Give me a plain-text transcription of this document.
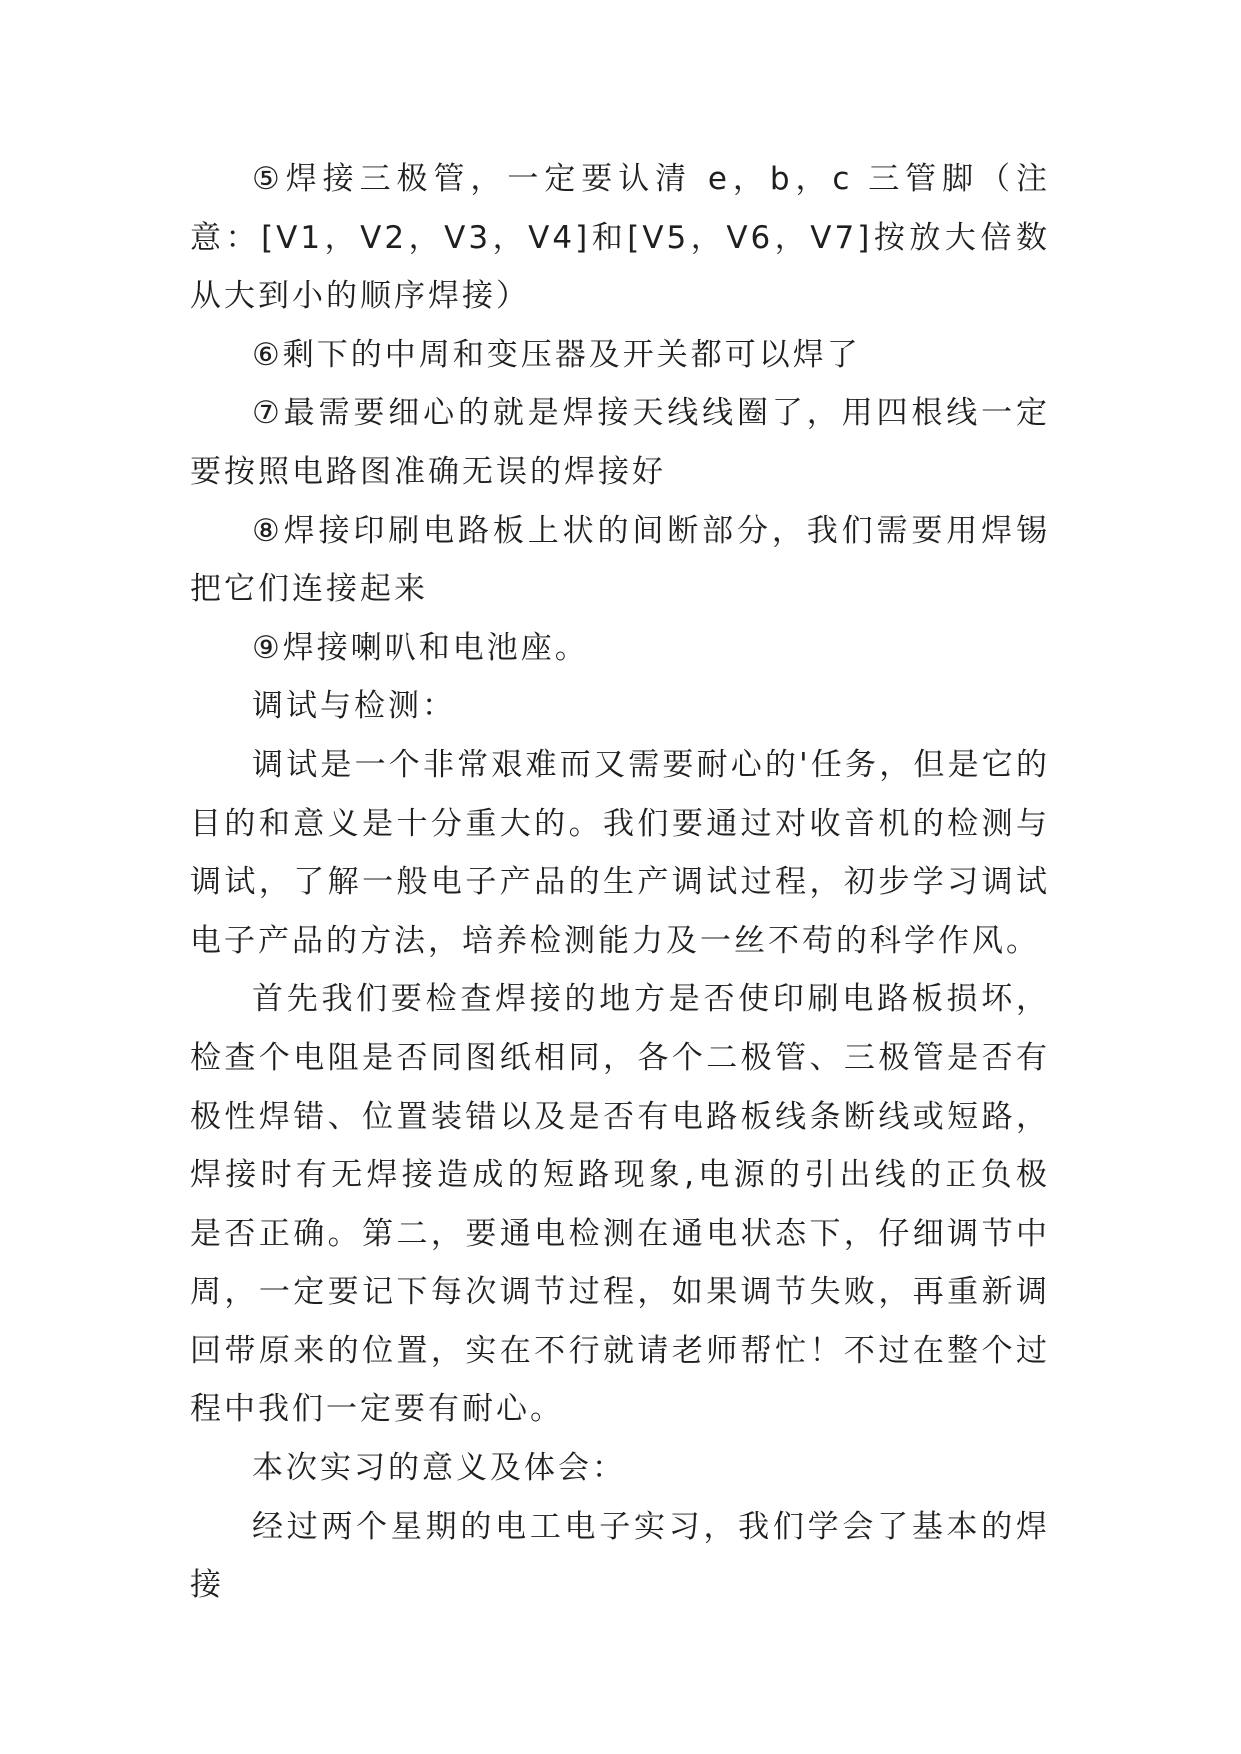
⑤焊接三极管，一定要认清 e，b，c 三管脚（注意：[V1，V2，V3，V4]和[V5，V6，V7]按放大倍数从大到小的顺序焊接）

⑥剩下的中周和变压器及开关都可以焊了

⑦最需要细心的就是焊接天线线圈了，用四根线一定要按照电路图准确无误的焊接好

⑧焊接印刷电路板上状的间断部分，我们需要用焊锡把它们连接起来

⑨焊接喇叭和电池座。

调试与检测：

调试是一个非常艰难而又需要耐心的'任务，但是它的目的和意义是十分重大的。我们要通过对收音机的检测与调试，了解一般电子产品的生产调试过程，初步学习调试电子产品的方法，培养检测能力及一丝不苟的科学作风。

首先我们要检查焊接的地方是否使印刷电路板损坏，检查个电阻是否同图纸相同，各个二极管、三极管是否有极性焊错、位置装错以及是否有电路板线条断线或短路，焊接时有无焊接造成的短路现象,电源的引出线的正负极是否正确。第二，要通电检测在通电状态下，仔细调节中周，一定要记下每次调节过程，如果调节失败，再重新调回带原来的位置，实在不行就请老师帮忙！不过在整个过程中我们一定要有耐心。

本次实习的意义及体会：

经过两个星期的电工电子实习，我们学会了基本的焊接
